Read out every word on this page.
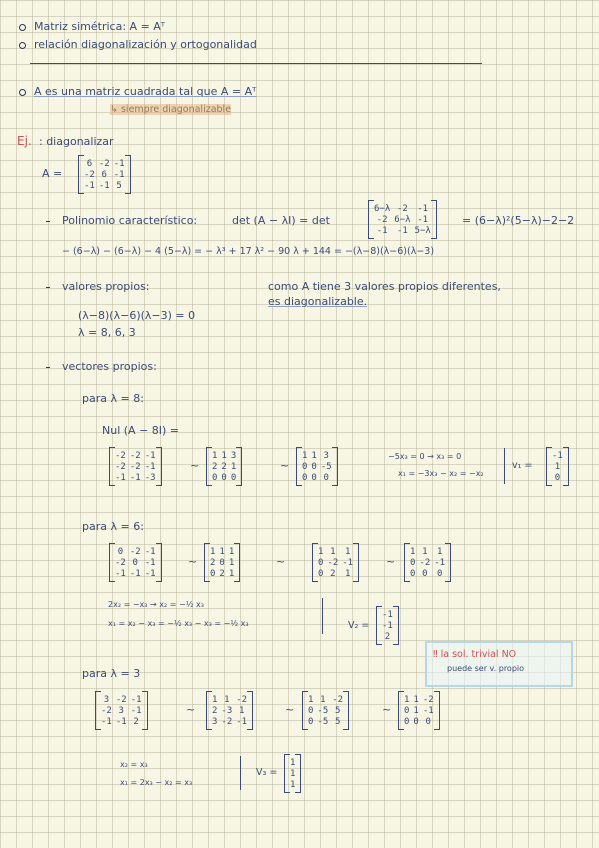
Matriz simétrica: A = Aᵀ
relación diagonalización y ortogonalidad
A es una matriz cuadrada tal que A = Aᵀ
↳ siempre diagonalizable
Ej. : diagonalizar
A =
6 -2 -1
-2 6 -1
-1 -1 5
Polinomio característico:	det (A − λI) = det
6−λ -2 -1
-2 6−λ -1
-1 -1 5−λ
= (6−λ)²(5−λ)−2−2
− (6−λ) − (6−λ) − 4 (5−λ) = − λ³ + 17 λ² − 90 λ + 144 = −(λ−8)(λ−6)(λ−3)
valores propios:
(λ−8)(λ−6)(λ−3) = 0
λ = 8, 6, 3
como A tiene 3 valores propios diferentes,
es diagonalizable.
vectores propios:
para λ = 8:
Nul (A − 8I) =
-2 -2 -1
-2 -2 -1
-1 -1 -3
~
1 1 3
2 2 1
0 0 0
~
1 1 3
0 0 -5
0 0 0
−5x₃ = 0 → x₃ = 0
x₁ = −3x₃ − x₂ = −x₂
v₁ =
-1
1
0
para λ = 6:
0 -2 -1
-2 0 -1
-1 -1 -1
~
1 1 1
2 0 1
0 2 1
~
1 1 1
0 -2 -1
0 2 1
~
1 1 1
0 -2 -1
0 0 0
2x₂ = −x₃ → x₂ = −½ x₃
x₁ = x₂ − x₃ = −½ x₃ − x₃ = −½ x₃	V₂ =
-1
-1
2
‼ la sol. trivial NO
puede ser v. propio
para λ = 3
3 -2 -1
-2 3 -1
-1 -1 2
~
1 1 -2
2 -3 1
3 -2 -1
~
1 1 -2
0 -5 5
0 -5 5
~
1 1 -2
0 1 -1
0 0 0
x₂ = x₃
x₁ = 2x₃ − x₂ = x₃
V₃ =
1
1
1
